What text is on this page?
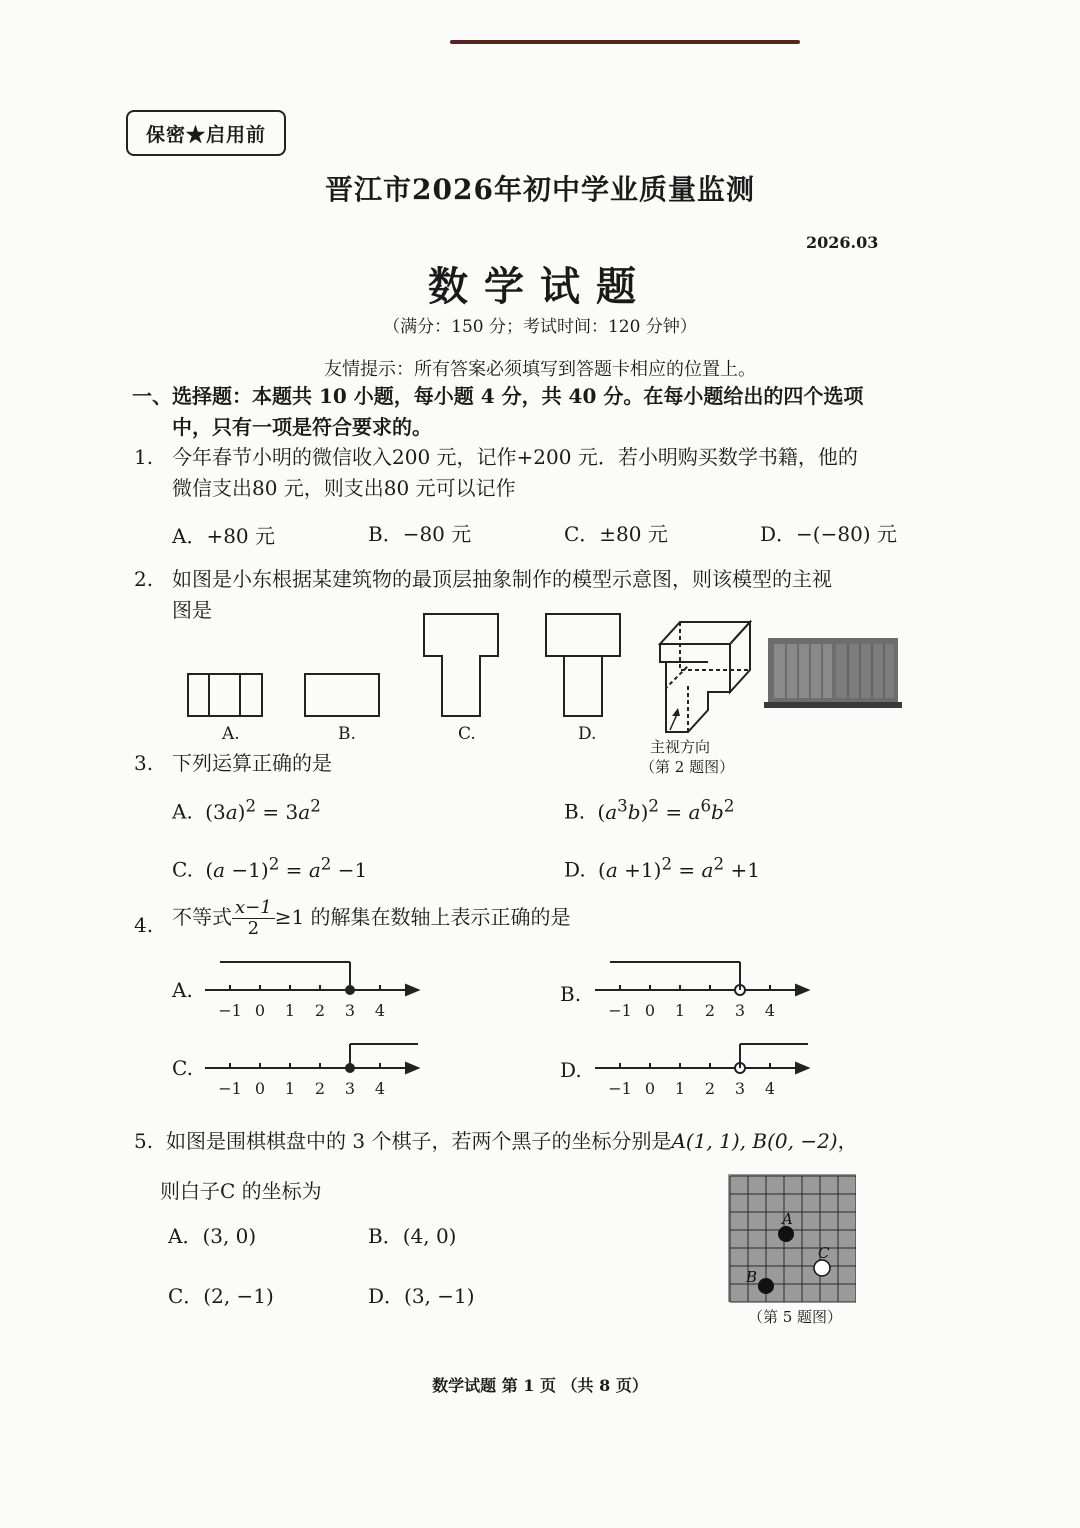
保密★启用前
晋江市2026年初中学业质量监测
2026.03
数学试题
（满分：150 分；考试时间：120 分钟）
友情提示：所有答案必须填写到答题卡相应的位置上。
一、选择题：本题共 10 小题，每小题 4 分，共 40 分。在每小题给出的四个选项
中，只有一项是符合要求的。
1. 今年春节小明的微信收入200 元，记作+200 元．若小明购买数学书籍，他的
微信支出80 元，则支出80 元可以记作
A．+80 元	B．−80 元	C．±80 元	D．−(−80) 元
2. 如图是小东根据某建筑物的最顶层抽象制作的模型示意图，则该模型的主视
图是
A.	B.	C.	D.
主视方向
（第 2 题图）
3. 下列运算正确的是
A. $(3a)^2 = 3a^2$	B. $(a^3b)^2 = a^6b^2$
C. $(a -1)^2 = a^2 -1$	D. $(a +1)^2 = a^2 +1$
4. 不等式 $\frac{x-1}{2} \ge 1$ 的解集在数轴上表示正确的是
A.	B.
C.	D.
−1 0 1 2 3 4	−1 0 1 2 3 4
−1 0 1 2 3 4	−1 0 1 2 3 4
5. 如图是围棋棋盘中的 3 个棋子，若两个黑子的坐标分别是A(1, 1), B(0, −2)，
则白子C 的坐标为
A．(3, 0)	B．(4, 0)
C．(2, −1)	D．(3, −1)
A
B
C
（第 5 题图）
数学试题 第 1 页 （共 8 页）
